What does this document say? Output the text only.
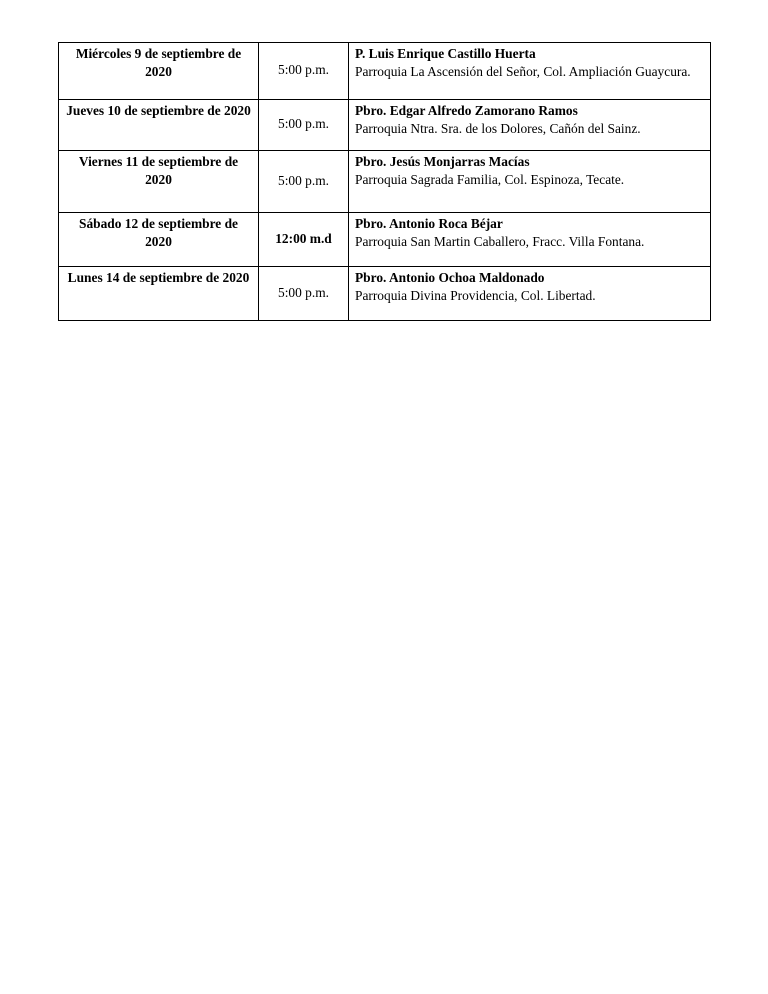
Miércoles 9 de septiembre de 2020	5:00 p.m.	P. Luis Enrique Castillo Huerta
Parroquia La Ascensión del Señor, Col. Ampliación Guaycura.

Jueves 10 de septiembre de 2020	5:00 p.m.	Pbro. Edgar Alfredo Zamorano Ramos
Parroquia Ntra. Sra. de los Dolores, Cañón del Sainz.

Viernes 11 de septiembre de 2020	5:00 p.m.	Pbro. Jesús Monjarras Macías
Parroquia Sagrada Familia, Col. Espinoza, Tecate.

Sábado 12 de septiembre de 2020	12:00 m.d	Pbro. Antonio Roca Béjar
Parroquia San Martin Caballero, Fracc. Villa Fontana.

Lunes 14 de septiembre de 2020	5:00 p.m.	Pbro. Antonio Ochoa Maldonado
Parroquia Divina Providencia, Col. Libertad.
